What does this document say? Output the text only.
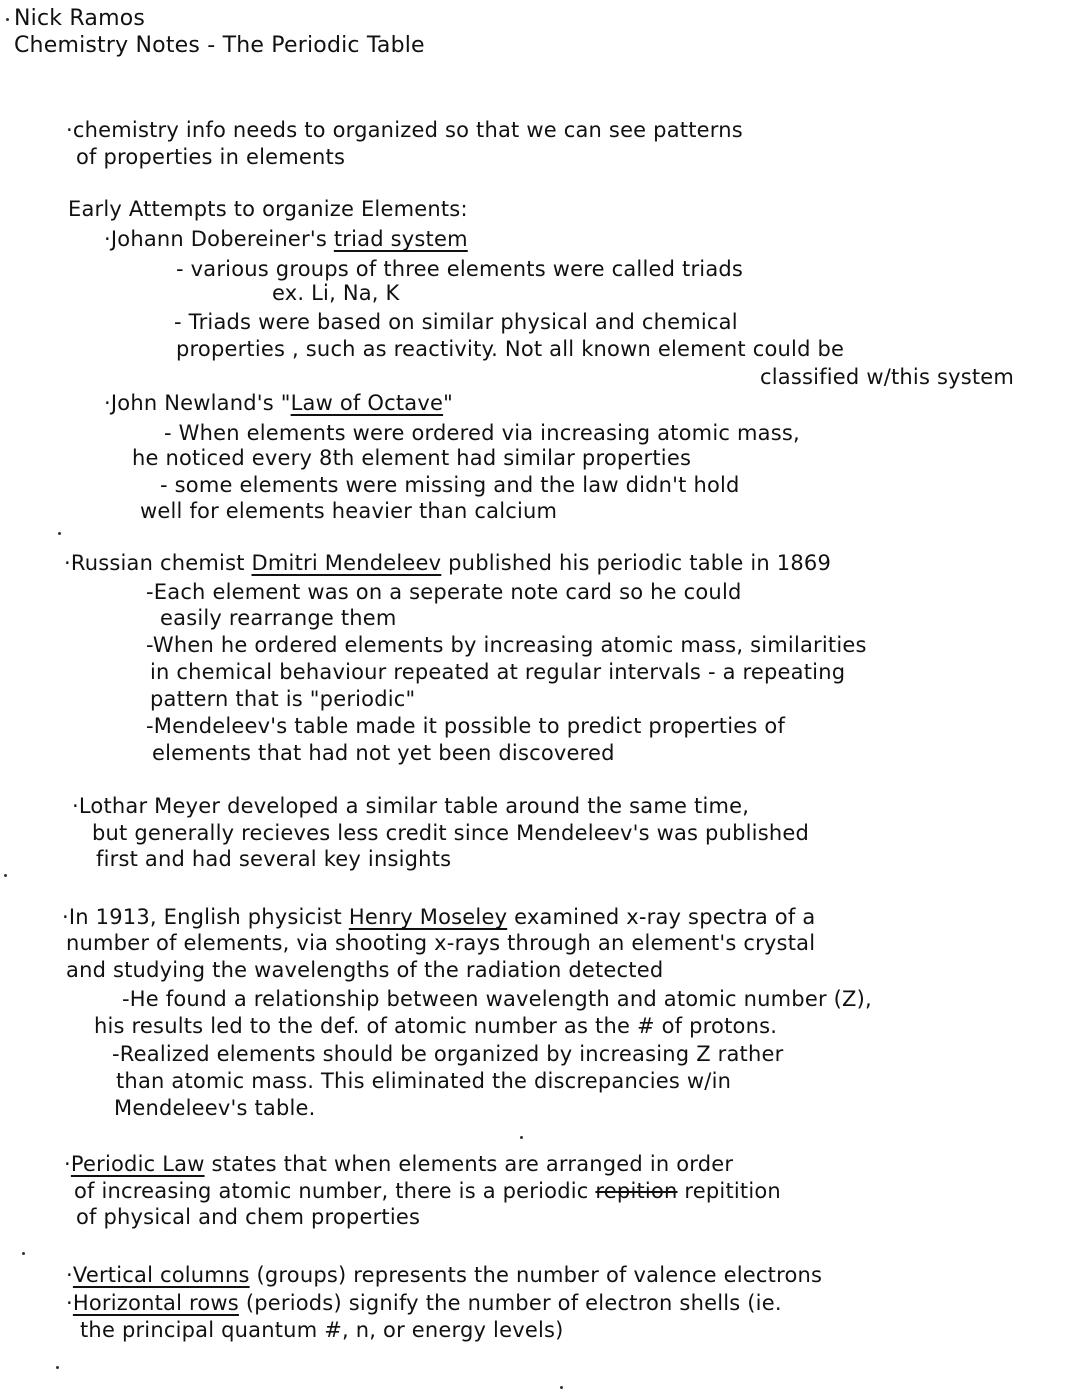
Nick Ramos
Chemistry Notes - The Periodic Table
·chemistry info needs to organized so that we can see patterns
of properties in elements
Early Attempts to organize Elements:
·Johann Dobereiner's triad system
- various groups of three elements were called triads
ex. Li, Na, K
- Triads were based on similar physical and chemical
properties , such as reactivity. Not all known element could be
classified w/this system
·John Newland's "Law of Octave"
- When elements were ordered via increasing atomic mass,
he noticed every 8th element had similar properties
- some elements were missing and the law didn't hold
well for elements heavier than calcium
·Russian chemist Dmitri Mendeleev published his periodic table in 1869
-Each element was on a seperate note card so he could
easily rearrange them
-When he ordered elements by increasing atomic mass, similarities
in chemical behaviour repeated at regular intervals - a repeating
pattern that is "periodic"
-Mendeleev's table made it possible to predict properties of
elements that had not yet been discovered
·Lothar Meyer developed a similar table around the same time,
but generally recieves less credit since Mendeleev's was published
first and had several key insights
·In 1913, English physicist Henry Moseley examined x-ray spectra of a
number of elements, via shooting x-rays through an element's crystal
and studying the wavelengths of the radiation detected
-He found a relationship between wavelength and atomic number (Z),
his results led to the def. of atomic number as the # of protons.
-Realized elements should be organized by increasing Z rather
than atomic mass. This eliminated the discrepancies w/in
Mendeleev's table.
·Periodic Law states that when elements are arranged in order
of increasing atomic number, there is a periodic repition repitition
of physical and chem properties
·Vertical columns (groups) represents the number of valence electrons
·Horizontal rows (periods) signify the number of electron shells (ie.
the principal quantum #, n, or energy levels)
